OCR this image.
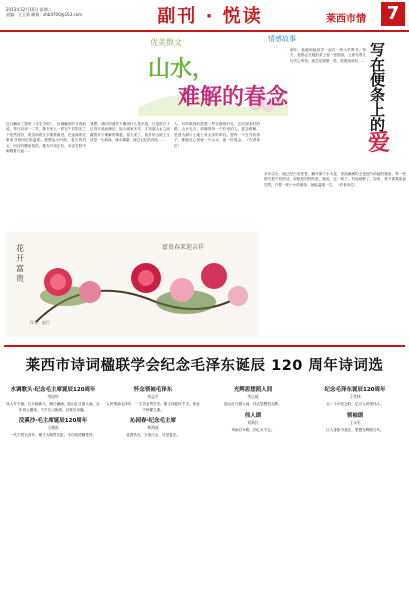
2013年12月10日 星期二
责编：王玉菊 邮箱：zhb4700@163.com	副刊 · 悦读	莱西市情	7
优美散文
山水，
难解的春念
近日翻读了我的《今生今世》，仿佛触到岁月的痕迹。每日向读一二节，像书里人一样在午后阳光之下依然回首，纸页间的文字随着渐进，在迷离的往事里寻到回忆的温度。我想起小时候，春天的村头，河边的柳条依依，桃杏开得正好，母亲在院中晾晒着衣裳……
我想，那时的我并不懂得什么是乡愁，只是把日子过得平淡而满足。如今离家多年，才知道山水之间藏着多少难解的情意。春天来了，故乡的山坡上又该是一片新绿，溪水潺潺，流过记忆的深处……
人，有时候真的需要一些安静的时光，去回望来时的路。山水无言，却懂得每一个归来的人。春念难解，是因为那片土地上有太多的牵挂。愿每一个在外的游子，都能在心里留一片山水，留一份春念。（作者单位）
富贵春来迎吉祥
花开富贵
作者：赵行
情感故事
写在便条上的
爱
那年，他就和她同学一起在一所小学教书。每天，他都会在她的桌上留一张便条，上面写着几句关心的话。她总是微微一笑，把便条收好……
多年以后，她已经白发苍苍，翻开那个小木盒，里面满满的全是他写给她的便条。每一张都写着不同的话，却都是同样的爱。她说，这一辈子，有他就够了。原来，爱不需要轰轰烈烈，只要一张小小的便条，就能温暖一生。（作者单位）
莱西市诗词楹联学会纪念毛泽东诞辰 120 周年诗词选
水调歌头·纪念毛主席诞辰120周年
李国华
伟人开天地，日月换新天。湘江潮涌，韶山红日照人间。百年风云激荡，千古江山如画，巨笔写诗篇。
浣溪沙·毛主席诞辰120周年
王德高
一代天骄毛泽东，雄才大略贯长虹，丰功伟绩耀苍穹。
怀念领袖毛泽东
刘志平
人民领袖毛泽东，一生功业贯长空。雄文四卷传千古，伟业千秋耀九重。
沁园春·纪念毛主席
林海波
北国风光，万里江山，尽是春光。
光辉思想照人间
李正斌
韶山红日照人间，伟大思想放光辉。
伟人颂
刘新民
风雨百年路，初心永不忘。
纪念毛泽东诞辰120周年
王孝林
百二十年纪念时，亿万人民颂伟人。
领袖颂
王永军
巨人身影今犹在，思想光辉照万代。
